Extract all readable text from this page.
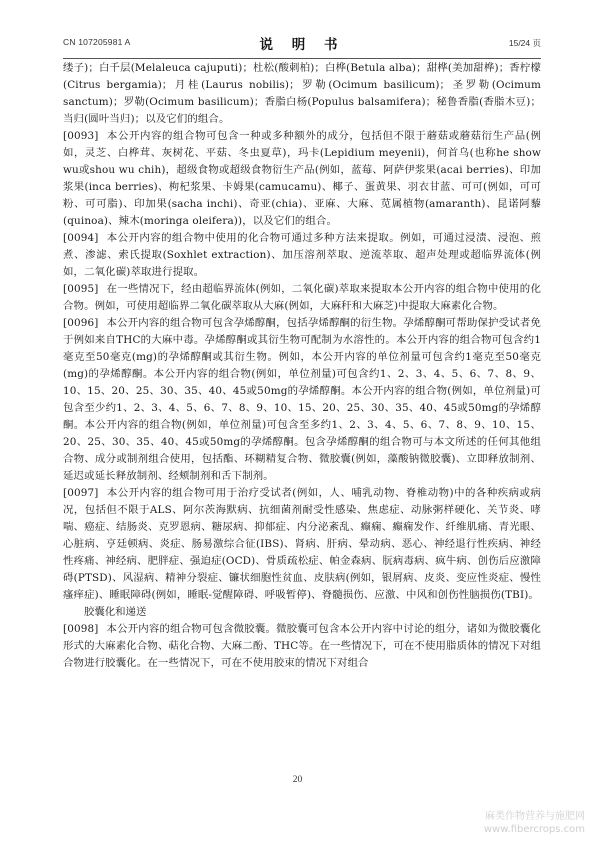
CN 107205981 A	说 明 书	15/24 页

缕子)；白千层(Melaleuca cajuputi)；杜松(酸刺柏)；白桦(Betula alba)；甜桦(美加甜桦)；香柠檬(Citrus bergamia)；月桂(Laurus nobilis)；罗勒(Ocimum basilicum)；圣罗勒(Ocimum sanctum)；罗勒(Ocimum basilicum)；香脂白杨(Populus balsamifera)；秘鲁香脂(香脂木豆)；当归(圆叶当归)；以及它们的组合。

[0093] 本公开内容的组合物可包含一种或多种额外的成分，包括但不限于蘑菇或蘑菇衍生产品(例如，灵芝、白桦茸、灰树花、平菇、冬虫夏草)，玛卡(Lepidium meyenii)，何首乌(也称he show wu或shou wu chih)，超级食物或超级食物衍生产品(例如，蓝莓、阿萨伊浆果(acai berries)、印加浆果(inca berries)、枸杞浆果、卡姆果(camucamu)、椰子、蛋黄果、羽衣甘蓝、可可(例如，可可粉、可可脂)、印加果(sacha inchi)、奇亚(chia)、亚麻、大麻、苋属植物(amaranth)、昆诺阿藜(quinoa)、辣木(moringa oleifera))，以及它们的组合。

[0094] 本公开内容的组合物中使用的化合物可通过多种方法来提取。例如，可通过浸渍、浸泡、煎煮、渗滤、索氏提取(Soxhlet extraction)、加压溶剂萃取、逆流萃取、超声处理或超临界流体(例如，二氧化碳)萃取进行提取。

[0095] 在一些情况下，经由超临界流体(例如，二氧化碳)萃取来提取本公开内容的组合物中使用的化合物。例如，可使用超临界二氧化碳萃取从大麻(例如，大麻秆和大麻芝)中提取大麻素化合物。

[0096] 本公开内容的组合物可包含孕烯醇酮，包括孕烯醇酮的衍生物。孕烯醇酮可帮助保护受试者免于例如来自THC的大麻中毒。孕烯醇酮或其衍生物可配制为水溶性的。本公开内容的组合物可包含约1毫克至50毫克(mg)的孕烯醇酮或其衍生物。例如，本公开内容的单位剂量可包含约1毫克至50毫克(mg)的孕烯醇酮。本公开内容的组合物(例如，单位剂量)可包含约1、2、3、4、5、6、7、8、9、10、15、20、25、30、35、40、45或50mg的孕烯醇酮。本公开内容的组合物(例如，单位剂量)可包含至少约1、2、3、4、5、6、7、8、9、10、15、20、25、30、35、40、45或50mg的孕烯醇酮。本公开内容的组合物(例如，单位剂量)可包含至多约1、2、3、4、5、6、7、8、9、10、15、20、25、30、35、40、45或50mg的孕烯醇酮。包含孕烯醇酮的组合物可与本文所述的任何其他组合物、成分或制剂组合使用，包括酯、环糊精复合物、微胶囊(例如，藻酸钠微胶囊)、立即释放制剂、延迟或延长释放制剂、经颊制剂和舌下制剂。

[0097] 本公开内容的组合物可用于治疗受试者(例如，人、哺乳动物、脊椎动物)中的各种疾病或病况，包括但不限于ALS、阿尔茨海默病、抗细菌剂耐受性感染、焦虑症、动脉粥样硬化、关节炎、哮喘、癌症、结肠炎、克罗恩病、糖尿病、抑郁症、内分泌紊乱、癫痫、癫痫发作、纤维肌痛、青光眼、心脏病、亨廷顿病、炎症、肠易激综合征(IBS)、肾病、肝病、晕动病、恶心、神经退行性疾病、神经性疼痛、神经病、肥胖症、强迫症(OCD)、骨质疏松症、帕金森病、朊病毒病、疯牛病、创伤后应激障碍(PTSD)、风湿病、精神分裂症、镰状细胞性贫血、皮肤病(例如，银屑病、皮炎、变应性炎症、慢性瘙痒症)、睡眠障碍(例如，睡眠-觉醒障碍、呼吸暂停)、脊髓损伤、应激、中风和创伤性脑损伤(TBI)。

胶囊化和递送

[0098] 本公开内容的组合物可包含微胶囊。微胶囊可包含本公开内容中讨论的组分，诸如为微胶囊化形式的大麻素化合物、萜化合物、大麻二酚、THC等。在一些情况下，可在不使用脂质体的情况下对组合物进行胶囊化。在一些情况下，可在不使用胶束的情况下对组合

20
麻类作物营养与施肥网
www.fibercrops.com
